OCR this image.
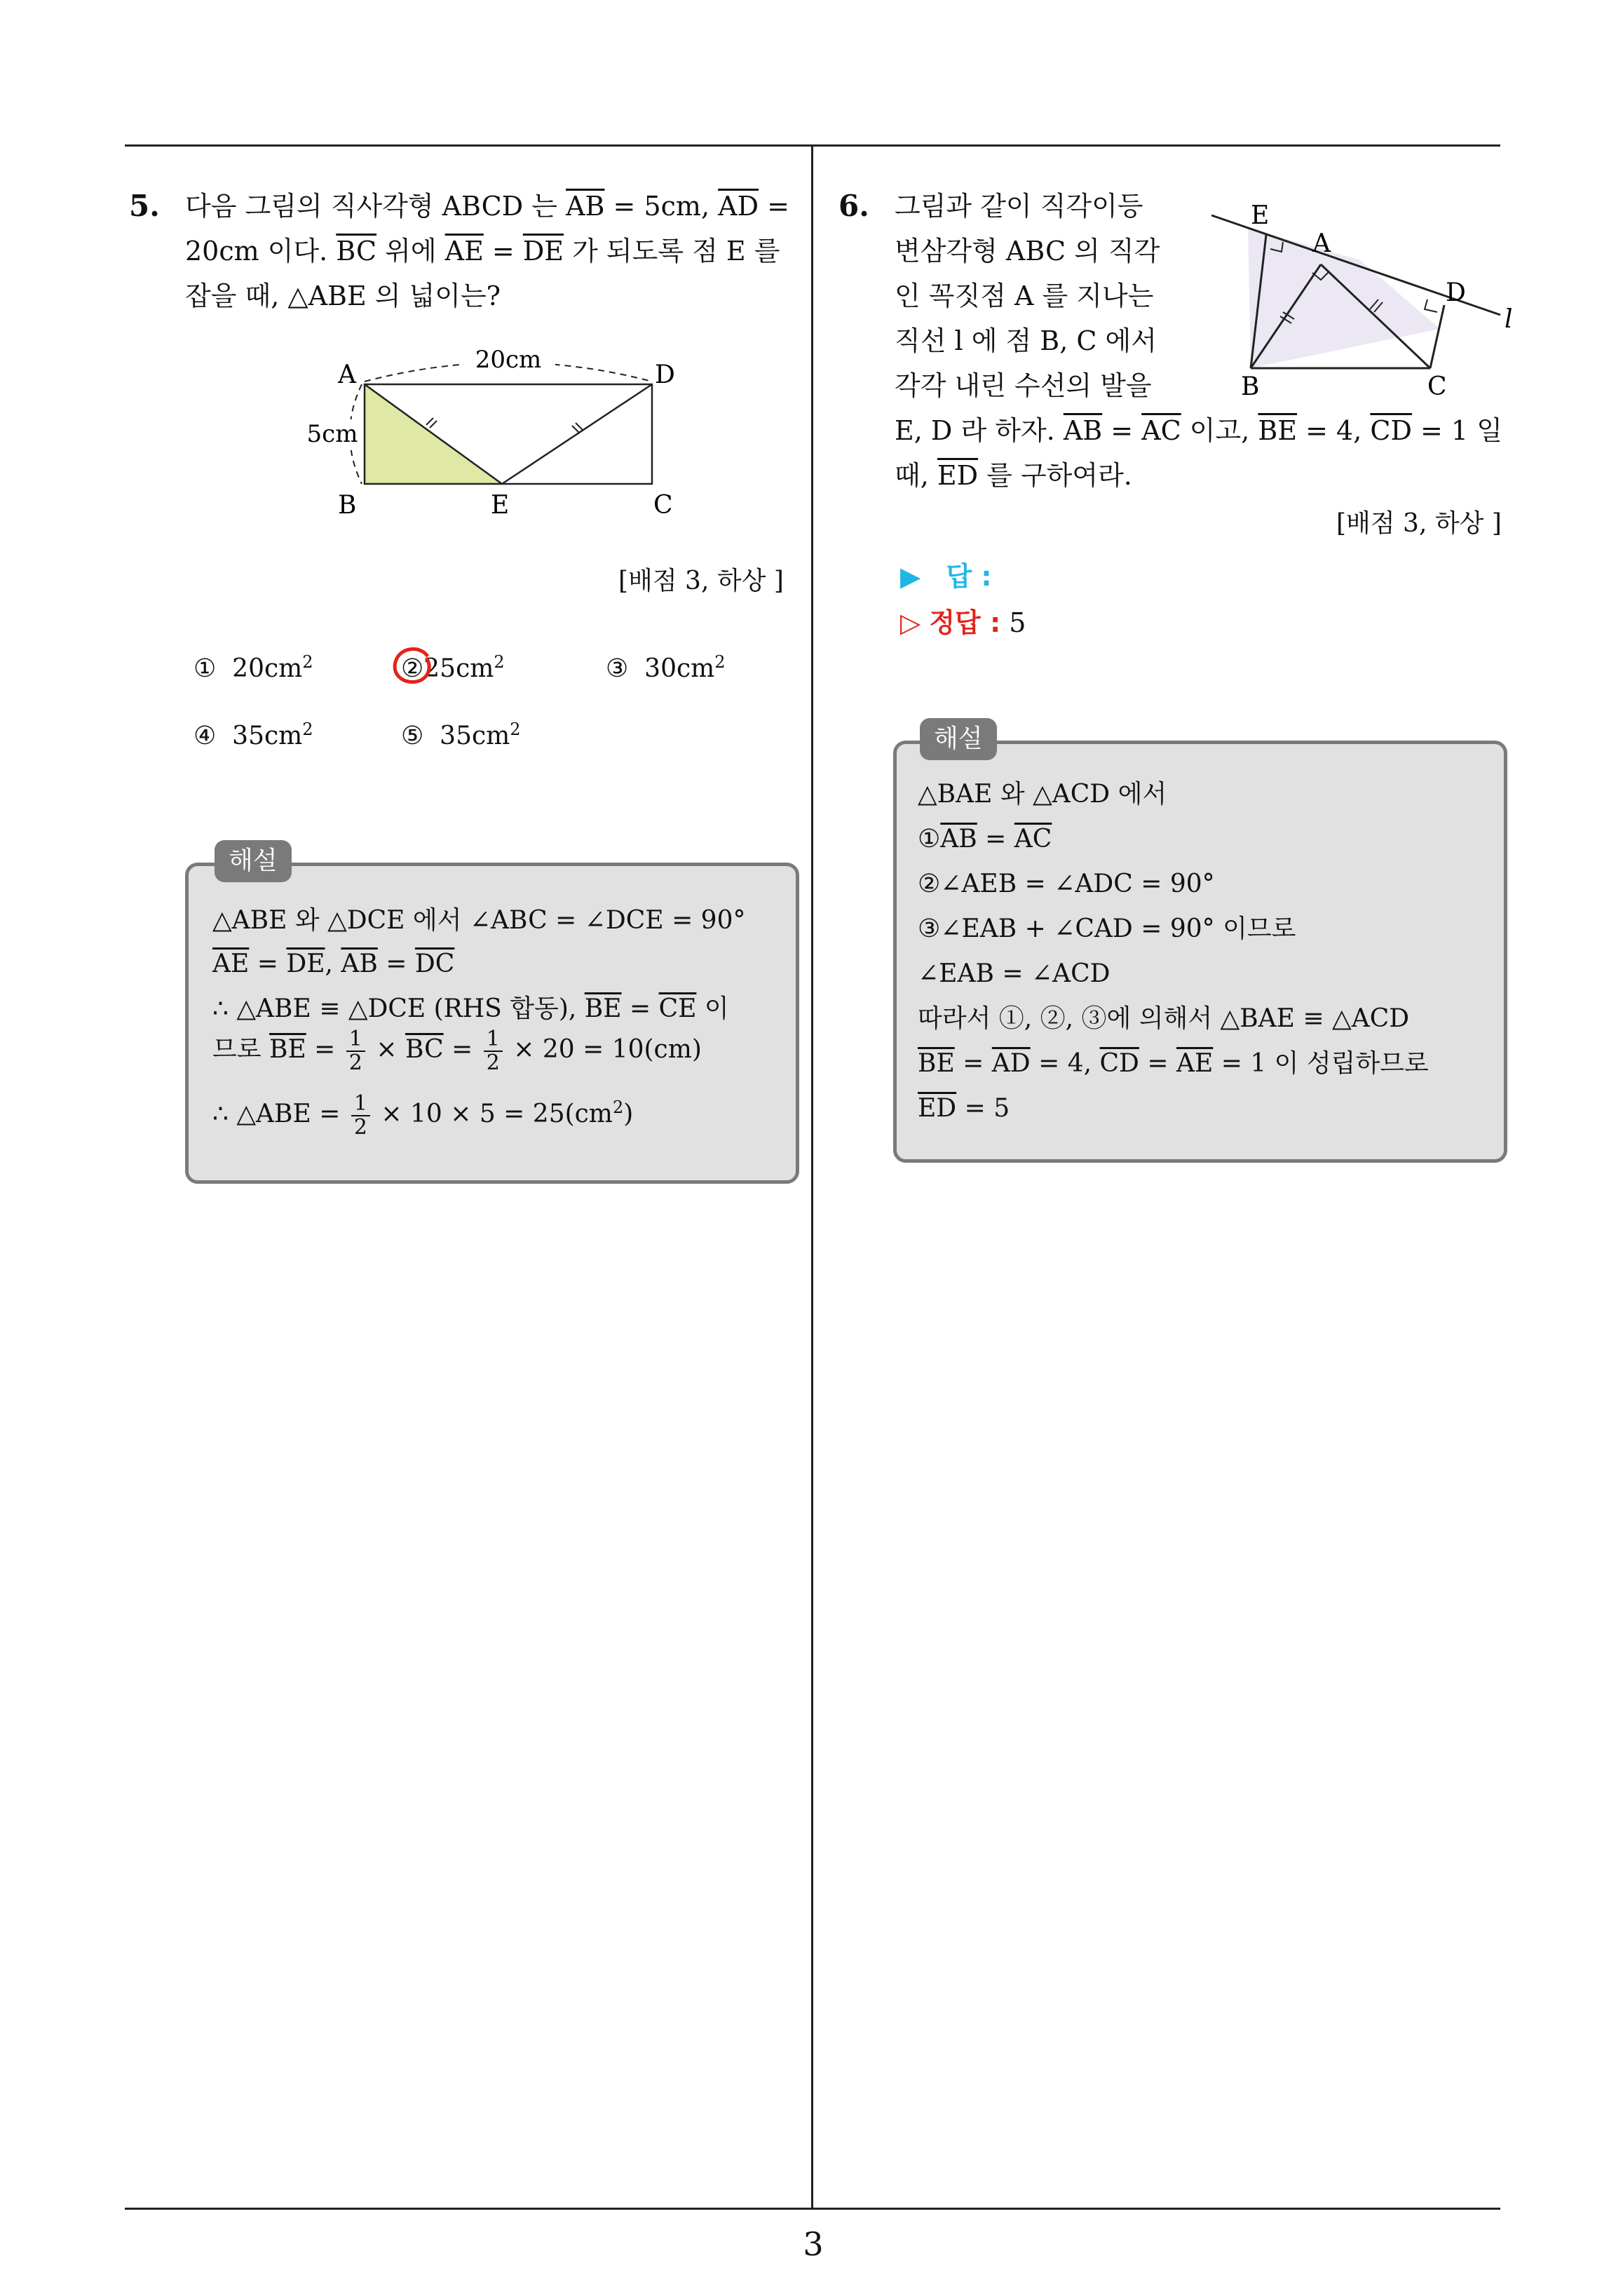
5. 다음 그림의 직사각형 ABCD 는 $\overline{AB} = 5cm$, $\overline{AD}$ =
20cm 이다. $\overline{BC}$ 위에 $\overline{AE} = \overline{DE}$ 가 되도록 점 E 를
잡을 때, △ABE 의 넓이는?
20cm
5cm
A	D
B	E	C
[배점 3, 하상 ]
① $20cm^2$	$②25cm^2$	③ $30cm^2$
④ $35cm^2$	⑤ $35cm^2$
△ABE 와 △DCE 에서 ∠ABC = ∠DCE = 90°
$\overline{AE} = \overline{DE}$, $\overline{AB} = \overline{DC}$
∴ △ABE ≡ △DCE (RHS 합동), $\overline{BE} = \overline{CE}$ 이
므로 $\overline{BE} = \frac{1}{2} \times \overline{BC} = \frac{1}{2} \times 20 = 10(cm)$
∴ △ABE = $\frac{1}{2} \times 10 \times 5 = 25(cm^2)$
해설
6. 그림과 같이 직각이등
변삼각형 ABC 의 직각
인 꼭짓점 A 를 지나는
직선 l 에 점 B, C 에서
각각 내린 수선의 발을
E, D 라 하자. $\overline{AB} = \overline{AC}$ 이고, $\overline{BE} = 4$, $\overline{CD} = 1$ 일
때, $\overline{ED}$ 를 구하여라.
E
A
D
l
B	C
[배점 3, 하상 ]
▶ 답 :
▷ 정답 : 5
△BAE 와 △ACD 에서
$①\overline{AB} = \overline{AC}$
②∠AEB = ∠ADC = 90°
③∠EAB + ∠CAD = 90° 이므로
∠EAB = ∠ACD
따라서 ①, ②, ③에 의해서 △BAE ≡ △ACD
$\overline{BE} = \overline{AD} = 4$, $\overline{CD} = \overline{AE} = 1$ 이 성립하므로
$\overline{ED} = 5$
해설
3
